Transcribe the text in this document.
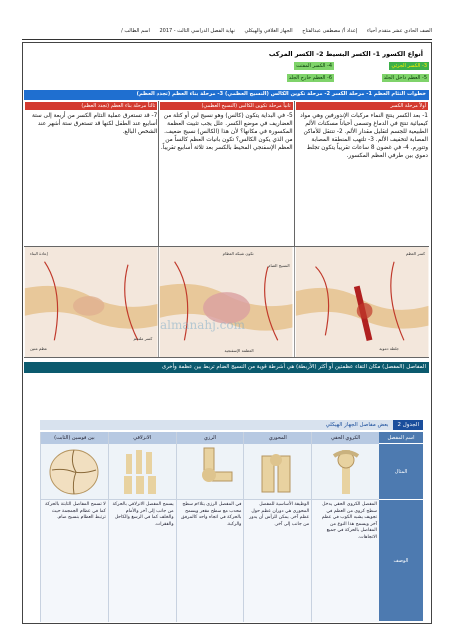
الصف الحادي عشر متقدم أحياء إعداد أ/ مصطفى عبدالفتاح الجهاز الغلافي والهيكلي نهاية الفصل الدراسي الثالث - 2017 اسم الطالب /
أنواع الكسور 1- الكسر البسيط 2- الكسر المركب
3- الكسر الجزئي
4- الكسر المفتت
5- العظم داخل الجلد
6- العظم خارج الجلد
خطوات التئام العظم 1- مرحلة الكسر 2- مرحلة تكوين الكالس (النسيج العظمي) 3- مرحلة بناء العظم (تجدد العظم)
أولاً مرحلة الكسر
1- بعد الكسر ينتج النماء مركبات الإندورفين وهي مواد كيميائية تنتج في الدماغ وتسمى أحياناً مسكنات الألم الطبيعية للجسم لتقليل مقدار الألم. 2- تنتقل للأماكن المصابة لتخفيف الألم. 3- تلتهب المنطقة المصابة وتتورم. 4- في غضون 8 ساعات تقريباً يتكون تجلط دموي بين طرفي العظم المكسور.
ثانياً مرحلة تكوين الكالس (النسيج العظمي)
5- في البداية يتكون (كالس) وهو نسيج لين أو كتلة من الغضاريف في موضع الكسر. علل يجب تثبيت العظمة المكسورة في مكانها؟ لأن هذا (الكالس) نسيج ضعيف. من الذي يكون الكالس؟ تكون بانيات العظم كالساً من العظم الإسفنجي المحيط بالكسر بعد ثلاثة أسابيع تقريباً.
ثالثاً مرحلة بناء العظم (تجدد العظم)
7- قد تستغرق عملية التئام الكسر من أربعة إلى ستة أسابيع عند الطفل لكنها قد تستغرق ستة أشهر عند الشخص البالغ.
كسر العظم
جلطة دموية
تكون شبكة العظام
النسيج الضام
العظمة الإسفنجية
إعادة البناء
عظم متين
كسر ملتحم
almanahj.com
المفاصل (المفصل) مكان التقاء عظمتين أو أكثر (الأربطة) هي أشرطة قوية من النسيج الضام تربط بين عظمة وأخرى
الجدول 2
بعض مفاصل الجهاز الهيكلي
اسم المفصل
المثال
الوصف
الكروي الحقي
المفصل الكروي الحقي يدخل سطح كروي من العظم في تجويف يشبه الكوب في عظم آخر ويسمح هذا النوع من المفاصل بالحركة في جميع الاتجاهات.
المحوري
الوظيفة الأساسية للمفصل المحوري هي دوران عظم حول عظم آخر. يمكن للرأس أن يدور من جانب إلى آخر.
الرزي
في المفصل الرزي يتلاءم سطح محدب مع سطح مقعر ويسمح بالحركة في اتجاه واحد كالمرفق والركبة.
الانزلاقي
يسمح المفصل الانزلاقي بالحركة من جانب إلى آخر والأمام والخلف كما في الرسغ والكاحل والفقرات.
بين فوسين (الثابت)
لا تسمح المفاصل الثابتة بالحركة كما في عظام الجمجمة حيث ترتبط العظام بنسيج ضام.
